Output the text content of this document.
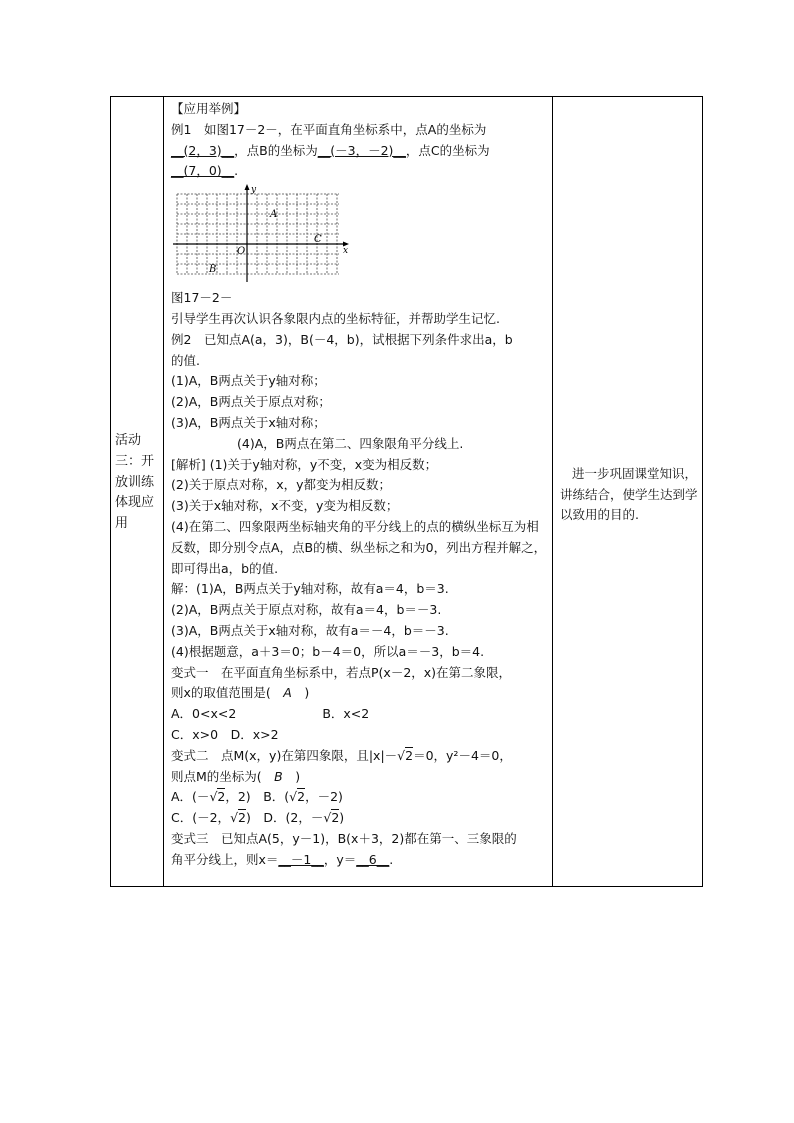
活动三：开放训练体现应用

【应用举例】

例1　如图17－2－，在平面直角坐标系中，点A的坐标为

__(2，3)__，点B的坐标为__(－3，－2)__，点C的坐标为

__(7，0)__.

y
x
O
A
B
C

图17－2－

引导学生再次认识各象限内点的坐标特征，并帮助学生记忆.

例2　已知点A(a，3)，B(－4，b)，试根据下列条件求出a，b

的值.

(1)A，B两点关于y轴对称；

(2)A，B两点关于原点对称；

(3)A，B两点关于x轴对称；

(4)A，B两点在第二、四象限角平分线上.

[解析] (1)关于y轴对称，y不变，x变为相反数；

(2)关于原点对称，x，y都变为相反数；

(3)关于x轴对称，x不变，y变为相反数；

(4)在第二、四象限两坐标轴夹角的平分线上的点的横纵坐标互为相反数，即分别令点A，点B的横、纵坐标之和为0，列出方程并解之，即可得出a，b的值.

解：(1)A，B两点关于y轴对称，故有a＝4，b＝3.

(2)A，B两点关于原点对称，故有a＝4，b＝－3.

(3)A，B两点关于x轴对称，故有a＝－4，b＝－3.

(4)根据题意，a＋3＝0；b－4＝0，所以a＝－3，b＝4.

变式一　在平面直角坐标系中，若点P(x－2，x)在第二象限，

则x的取值范围是(　A　)

A．0<x<2	B．x<2

C．x>0　 D．x>2

变式二　点M(x，y)在第四象限，且|x|－√2＝0，y²－4＝0，

则点M的坐标为(　B　)

A．(－√2，2)　 B．(√2，－2)

C．(－2，√2)　 D．(2，－√2)

变式三　已知点A(5，y－1)，B(x＋3，2)都在第一、三象限的

角平分线上，则x＝__－1__，y＝__6__.

进一步巩固课堂知识，讲练结合，使学生达到学以致用的目的.
